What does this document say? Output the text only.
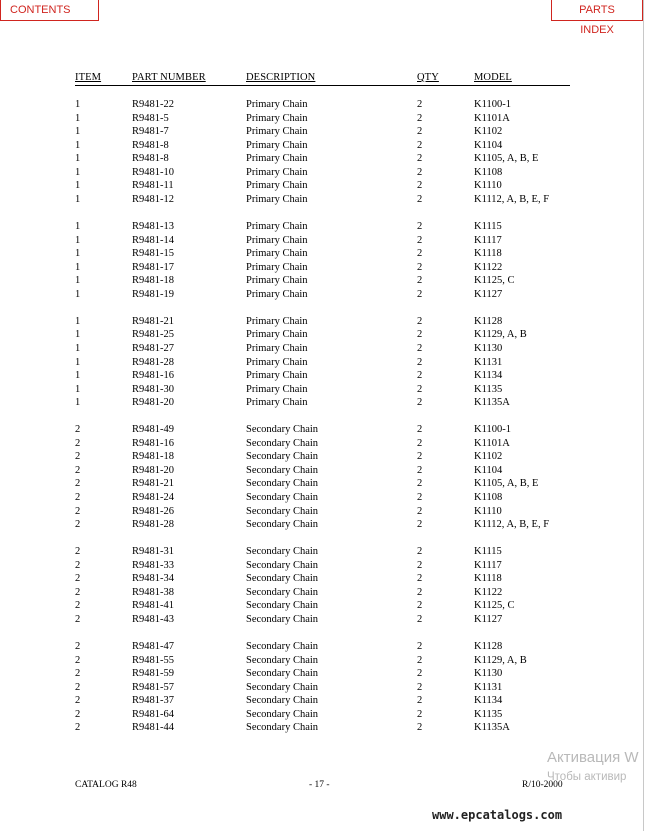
CONTENTS	PARTS INDEX
ITEM	PART NUMBER	DESCRIPTION	QTY	MODEL
1	R9481-22	Primary Chain	2	K1100-1
1	R9481-5	Primary Chain	2	K1101A
1	R9481-7	Primary Chain	2	K1102
1	R9481-8	Primary Chain	2	K1104
1	R9481-8	Primary Chain	2	K1105, A, B, E
1	R9481-10	Primary Chain	2	K1108
1	R9481-11	Primary Chain	2	K1110
1	R9481-12	Primary Chain	2	K1112, A, B, E, F
1	R9481-13	Primary Chain	2	K1115
1	R9481-14	Primary Chain	2	K1117
1	R9481-15	Primary Chain	2	K1118
1	R9481-17	Primary Chain	2	K1122
1	R9481-18	Primary Chain	2	K1125, C
1	R9481-19	Primary Chain	2	K1127
1	R9481-21	Primary Chain	2	K1128
1	R9481-25	Primary Chain	2	K1129, A, B
1	R9481-27	Primary Chain	2	K1130
1	R9481-28	Primary Chain	2	K1131
1	R9481-16	Primary Chain	2	K1134
1	R9481-30	Primary Chain	2	K1135
1	R9481-20	Primary Chain	2	K1135A
2	R9481-49	Secondary Chain	2	K1100-1
2	R9481-16	Secondary Chain	2	K1101A
2	R9481-18	Secondary Chain	2	K1102
2	R9481-20	Secondary Chain	2	K1104
2	R9481-21	Secondary Chain	2	K1105, A, B, E
2	R9481-24	Secondary Chain	2	K1108
2	R9481-26	Secondary Chain	2	K1110
2	R9481-28	Secondary Chain	2	K1112, A, B, E, F
2	R9481-31	Secondary Chain	2	K1115
2	R9481-33	Secondary Chain	2	K1117
2	R9481-34	Secondary Chain	2	K1118
2	R9481-38	Secondary Chain	2	K1122
2	R9481-41	Secondary Chain	2	K1125, C
2	R9481-43	Secondary Chain	2	K1127
2	R9481-47	Secondary Chain	2	K1128
2	R9481-55	Secondary Chain	2	K1129, A, B
2	R9481-59	Secondary Chain	2	K1130
2	R9481-57	Secondary Chain	2	K1131
2	R9481-37	Secondary Chain	2	K1134
2	R9481-64	Secondary Chain	2	K1135
2	R9481-44	Secondary Chain	2	K1135A
CATALOG R48	- 17 -	R/10-2000
Активация W
Чтобы активир
www.epcatalogs.com
